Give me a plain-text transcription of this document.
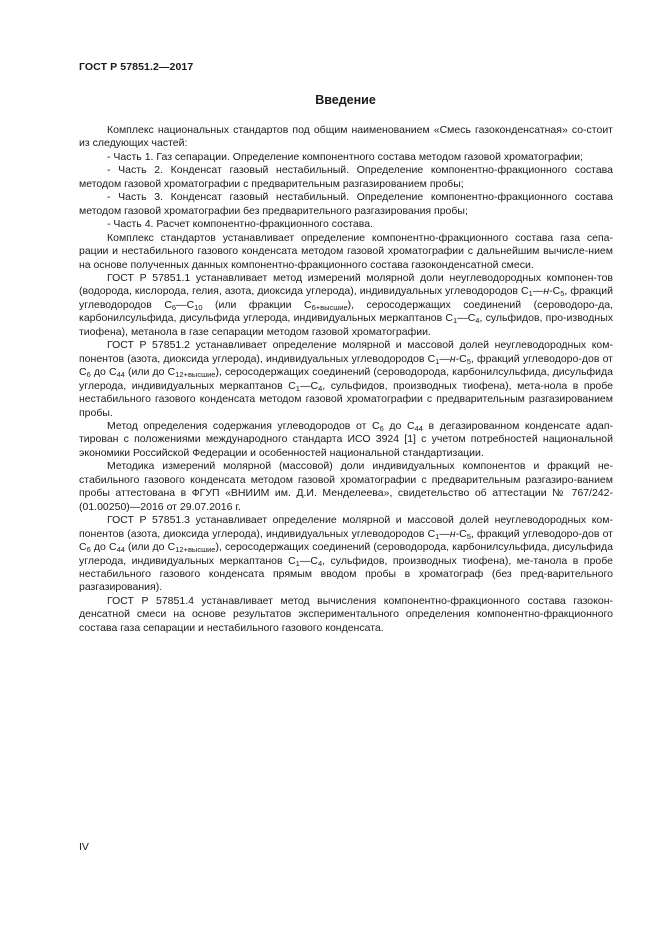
ГОСТ Р 57851.2—2017
Введение

Комплекс национальных стандартов под общим наименованием «Смесь газоконденсатная» со-стоит из следующих частей:

- Часть 1. Газ сепарации. Определение компонентного состава методом газовой хроматографии;

- Часть 2. Конденсат газовый нестабильный. Определение компонентно-фракционного состава методом газовой хроматографии с предварительным разгазированием пробы;

- Часть 3. Конденсат газовый нестабильный. Определение компонентно-фракционного состава методом газовой хроматографии без предварительного разгазирования пробы;

- Часть 4. Расчет компонентно-фракционного состава.

Комплекс стандартов устанавливает определение компонентно-фракционного состава газа сепа-рации и нестабильного газового конденсата методом газовой хроматографии с дальнейшим вычисле-нием на основе полученных данных компонентно-фракционного состава газоконденсатной смеси.

ГОСТ Р 57851.1 устанавливает метод измерений молярной доли неуглеводородных компонен-тов (водорода, кислорода, гелия, азота, диоксида углерода), индивидуальных углеводородов $С_1—н-С_5$, фракций углеводородов $С_6—С_{10}$ (или фракции $С_{6+высшие}$), серосодержащих соединений (сероводоро-да, карбонилсульфида, дисульфида углерода, индивидуальных меркаптанов $С_1—С_4$, сульфидов, про-изводных тиофена), метанола в газе сепарации методом газовой хроматографии.

ГОСТ Р 57851.2 устанавливает определение молярной и массовой долей неуглеводородных ком-понентов (азота, диоксида углерода), индивидуальных углеводородов $С_1—н-С_5$, фракций углеводоро-дов от $С_6$ до $С_{44}$ (или до $С_{12+высшие}$), серосодержащих соединений (сероводорода, карбонилсульфида, дисульфида углерода, индивидуальных меркаптанов $С_1—С_4$, сульфидов, производных тиофена), мета-нола в пробе нестабильного газового конденсата методом газовой хроматографии с предварительным разгазированием пробы.

Метод определения содержания углеводородов от $С_6$ до $С_{44}$ в дегазированном конденсате адап-тирован с положениями международного стандарта ИСО 3924 [1] с учетом потребностей национальной экономики Российской Федерации и особенностей национальной стандартизации.

Методика измерений молярной (массовой) доли индивидуальных компонентов и фракций не-стабильного газового конденсата методом газовой хроматографии с предварительным разгазиро-ванием пробы аттестована в ФГУП «ВНИИМ им. Д.И. Менделеева», свидетельство об аттестации № 767/242-(01.00250)—2016 от 29.07.2016 г.

ГОСТ Р 57851.3 устанавливает определение молярной и массовой долей неуглеводородных ком-понентов (азота, диоксида углерода), индивидуальных углеводородов $С_1—н-С_5$, фракций углеводоро-дов от $С_6$ до $С_{44}$ (или до $С_{12+высшие}$), серосодержащих соединений (сероводорода, карбонилсульфида, дисульфида углерода, индивидуальных меркаптанов $С_1—С_4$, сульфидов, производных тиофена), ме-танола в пробе нестабильного газового конденсата прямым вводом пробы в хроматограф (без пред-варительного разгазирования).

ГОСТ Р 57851.4 устанавливает метод вычисления компонентно-фракционного состава газокон-денсатной смеси на основе результатов экспериментального определения компонентно-фракционного состава газа сепарации и нестабильного газового конденсата.

IV
